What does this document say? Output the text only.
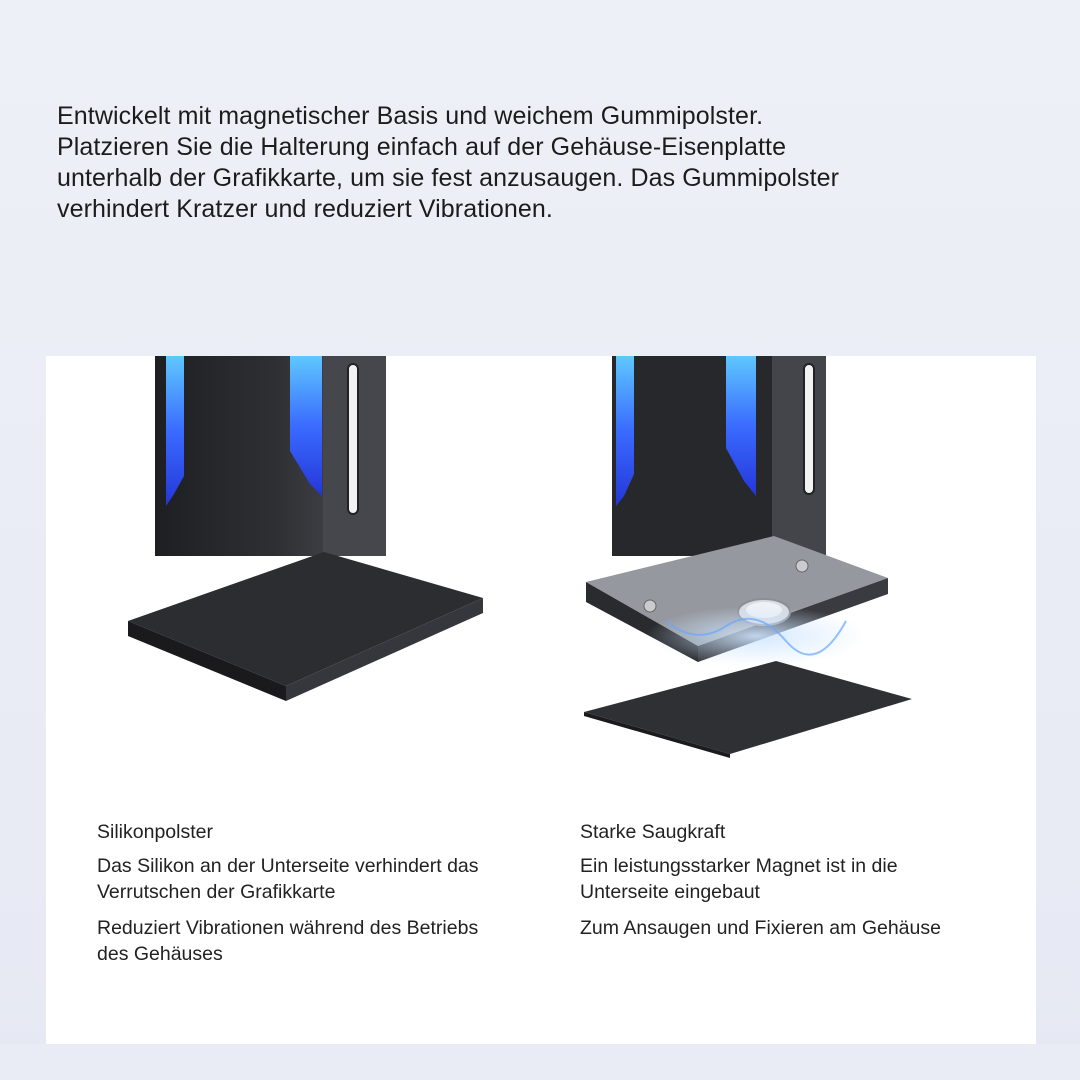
Entwickelt mit magnetischer Basis und weichem Gummipolster.
Platzieren Sie die Halterung einfach auf der Gehäuse-Eisenplatte
unterhalb der Grafikkarte, um sie fest anzusaugen. Das Gummipolster
verhindert Kratzer und reduziert Vibrationen.
Silikonpolster
Das Silikon an der Unterseite verhindert das
Verrutschen der Grafikkarte
Reduziert Vibrationen während des Betriebs
des Gehäuses
Starke Saugkraft
Ein leistungsstarker Magnet ist in die
Unterseite eingebaut
Zum Ansaugen und Fixieren am Gehäuse
